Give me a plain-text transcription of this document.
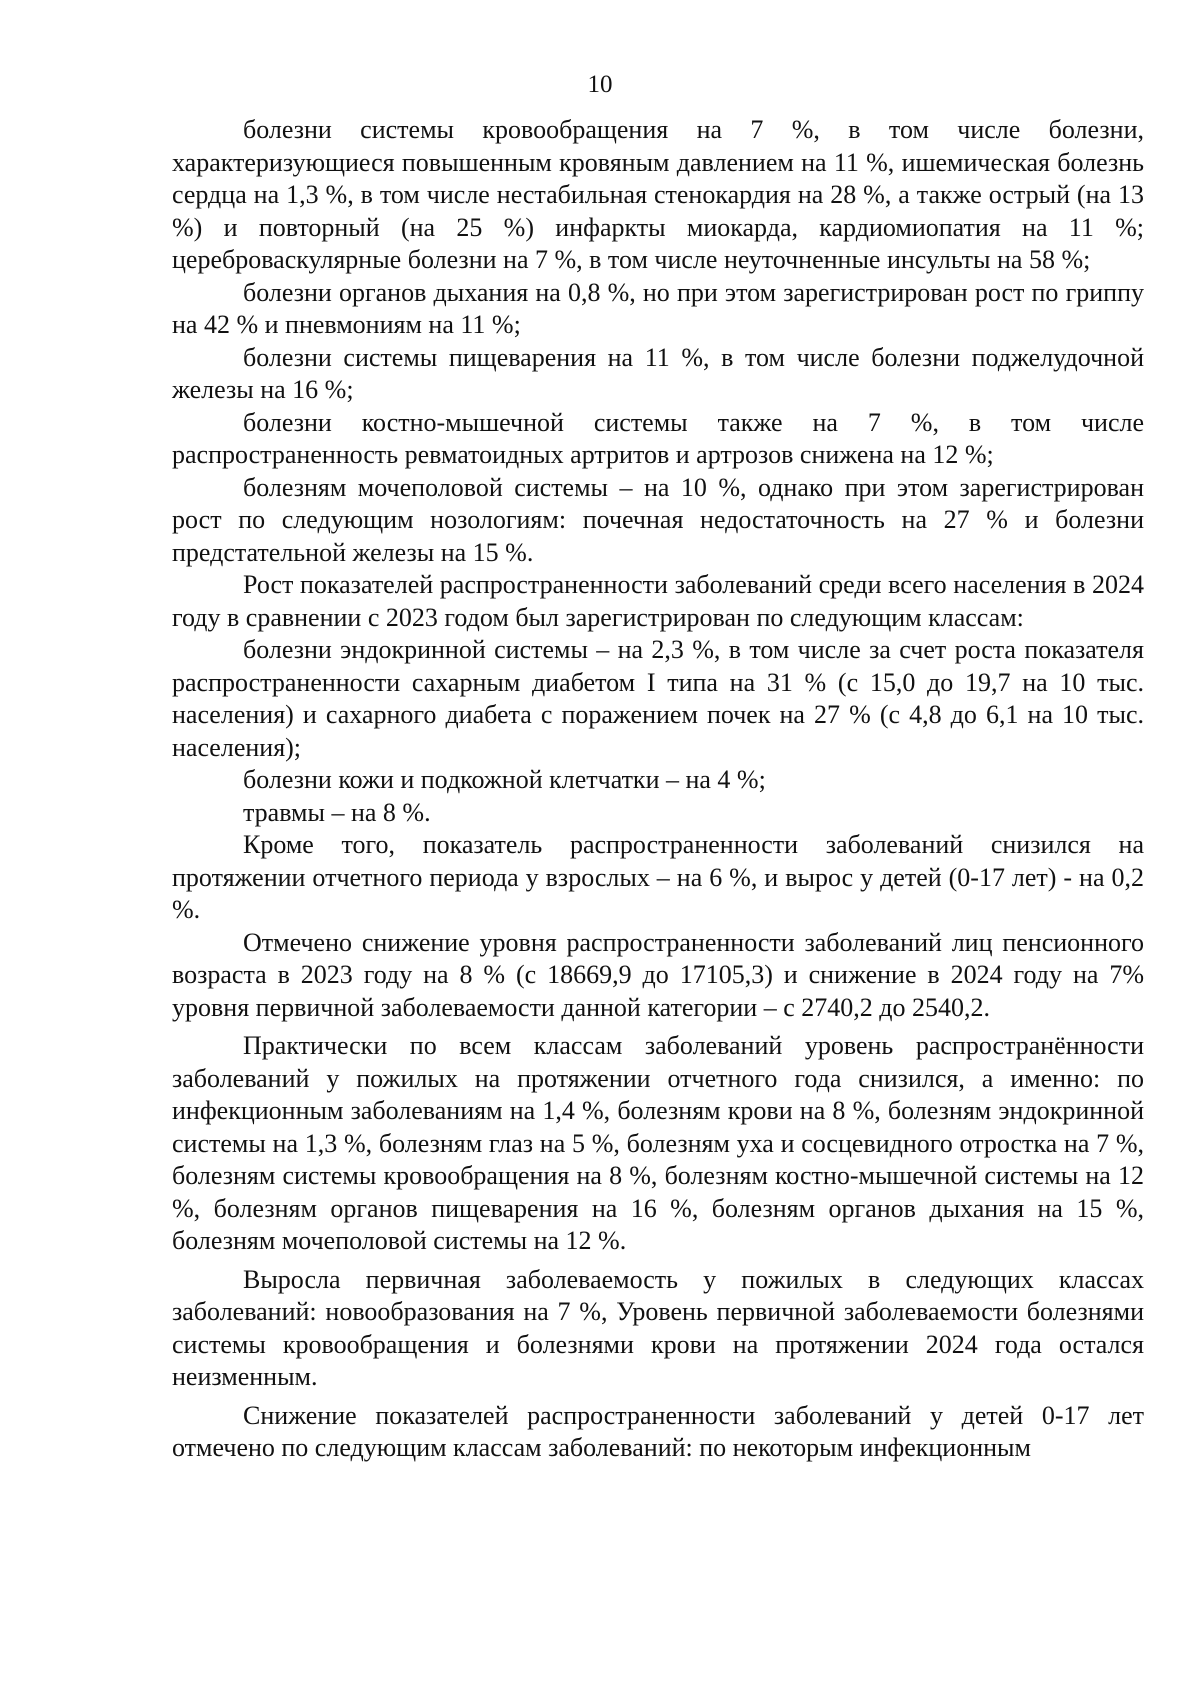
10

болезни системы кровообращения на 7 %, в том числе болезни, характеризующиеся повышенным кровяным давлением на 11 %, ишемическая болезнь сердца на 1,3 %, в том числе нестабильная стенокардия на 28 %, а также острый (на 13 %) и повторный (на 25 %) инфаркты миокарда, кардиомиопатия на 11 %; цереброваскулярные болезни на 7 %, в том числе неуточненные инсульты на 58 %;

болезни органов дыхания на 0,8 %, но при этом зарегистрирован рост по гриппу на 42 % и пневмониям на 11 %;

болезни системы пищеварения на 11 %, в том числе болезни поджелудочной железы на 16 %;

болезни костно-мышечной системы также на 7 %, в том числе распространенность ревматоидных артритов и артрозов снижена на 12 %;

болезням мочеполовой системы – на 10 %, однако при этом зарегистрирован рост по следующим нозологиям: почечная недостаточность на 27 % и болезни предстательной железы на 15 %.

Рост показателей распространенности заболеваний среди всего населения в 2024 году в сравнении с 2023 годом был зарегистрирован по следующим классам:

болезни эндокринной системы – на 2,3 %, в том числе за счет роста показателя распространенности сахарным диабетом I типа на 31 % (с 15,0 до 19,7 на 10 тыс. населения) и сахарного диабета с поражением почек на 27 % (с 4,8 до 6,1 на 10 тыс. населения);

болезни кожи и подкожной клетчатки – на 4 %;

травмы – на 8 %.

Кроме того, показатель распространенности заболеваний снизился на протяжении отчетного периода у взрослых – на 6 %, и вырос у детей (0-17 лет) - на 0,2 %.

Отмечено снижение уровня распространенности заболеваний лиц пенсионного возраста в 2023 году на 8 % (с 18669,9 до 17105,3) и снижение в 2024 году на 7% уровня первичной заболеваемости данной категории – с 2740,2 до 2540,2.

Практически по всем классам заболеваний уровень распространённости заболеваний у пожилых на протяжении отчетного года снизился, а именно: по инфекционным заболеваниям на 1,4 %, болезням крови на 8 %, болезням эндокринной системы на 1,3 %, болезням глаз на 5 %, болезням уха и сосцевидного отростка на 7 %, болезням системы кровообращения на 8 %, болезням костно-мышечной системы на 12 %, болезням органов пищеварения на 16 %, болезням органов дыхания на 15 %, болезням мочеполовой системы на 12 %.

Выросла первичная заболеваемость у пожилых в следующих классах заболеваний: новообразования на 7 %, Уровень первичной заболеваемости болезнями системы кровообращения и болезнями крови на протяжении 2024 года остался неизменным.

Снижение показателей распространенности заболеваний у детей 0-17 лет отмечено по следующим классам заболеваний: по некоторым инфекционным
